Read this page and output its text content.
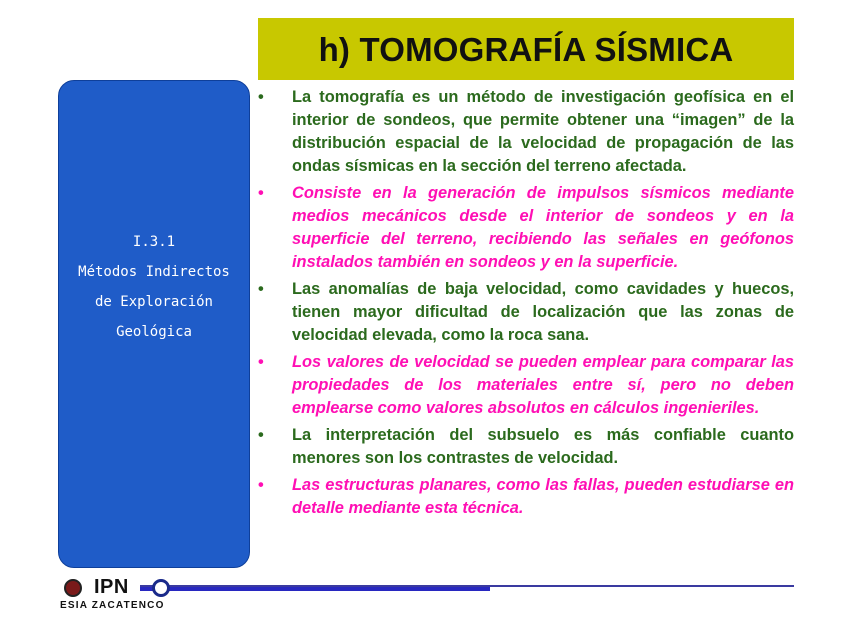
h) TOMOGRAFÍA SÍSMICA
I.3.1
Métodos Indirectos
de Exploración
Geológica
• La tomografía es un método de investigación geofísica en el interior de sondeos, que permite obtener una “imagen” de la distribución espacial de la velocidad de propagación de las ondas sísmicas en la sección del terreno afectada.
• Consiste en la generación de impulsos sísmicos mediante medios mecánicos desde el interior de sondeos y en la superficie del terreno, recibiendo las señales en geófonos instalados también en sondeos y en la superficie.
• Las anomalías de baja velocidad, como cavidades y huecos, tienen mayor dificultad de localización que las zonas de velocidad elevada, como la roca sana.
• Los valores de velocidad se pueden emplear para comparar las propiedades de los materiales entre sí, pero no deben emplearse como valores absolutos en cálculos ingenieriles.
• La interpretación del subsuelo es más confiable cuanto menores son los contrastes de velocidad.
• Las estructuras planares, como las fallas, pueden estudiarse en detalle mediante esta técnica.
IPN
ESIA ZACATENCO
